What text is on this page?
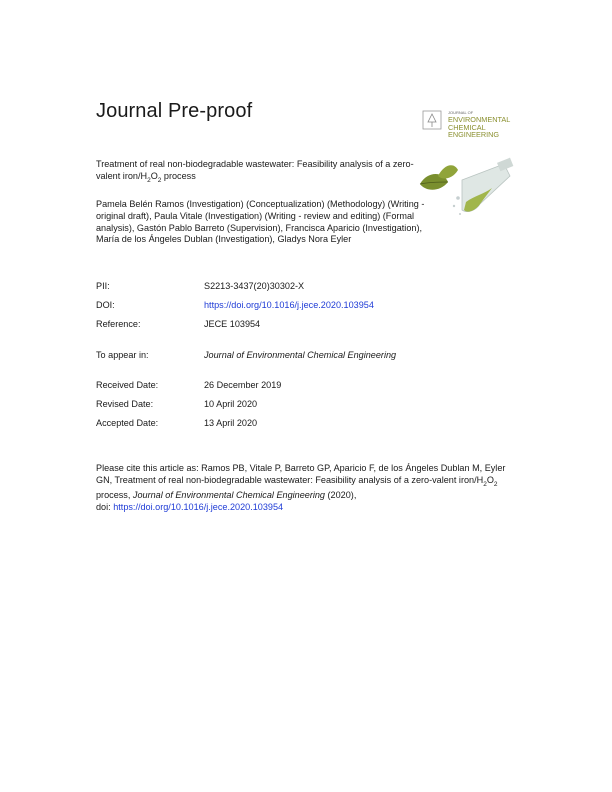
Journal Pre-proof	JOURNAL OF
ENVIRONMENTAL
CHEMICAL
ENGINEERING
Treatment of real non-biodegradable wastewater: Feasibility analysis of a zero-valent iron/$H_2O_2$ process
Pamela Belén Ramos (Investigation) (Conceptualization) (Methodology) (Writing - original draft), Paula Vitale (Investigation) (Writing - review and editing) (Formal analysis), Gastón Pablo Barreto (Supervision), Francisca Aparicio (Investigation), María de los Ángeles Dublan (Investigation), Gladys Nora Eyler
PII:	S2213-3437(20)30302-X
DOI:	https://doi.org/10.1016/j.jece.2020.103954
Reference:	JECE 103954
To appear in:	Journal of Environmental Chemical Engineering
Received Date:	26 December 2019
Revised Date:	10 April 2020
Accepted Date:	13 April 2020
Please cite this article as: Ramos PB, Vitale P, Barreto GP, Aparicio F, de los Ángeles Dublan M, Eyler GN, Treatment of real non-biodegradable wastewater: Feasibility analysis of a zero-valent iron/$H_2O_2$ process, Journal of Environmental Chemical Engineering (2020),
doi: https://doi.org/10.1016/j.jece.2020.103954
